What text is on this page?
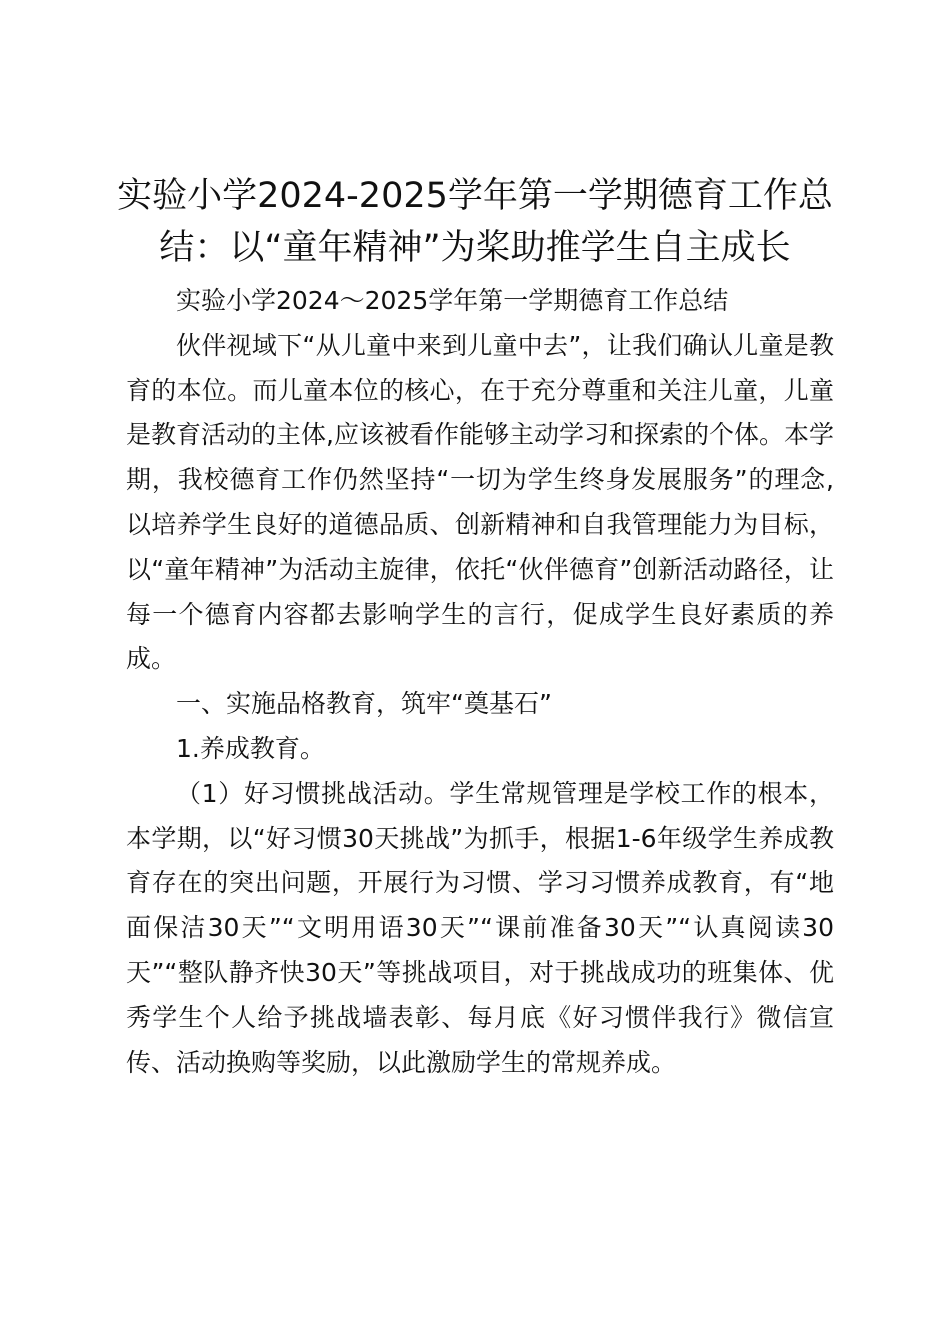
实验小学2024-2025学年第一学期德育工作总结：以“童年精神”为桨助推学生自主成长

实验小学2024～2025学年第一学期德育工作总结

伙伴视域下“从儿童中来到儿童中去”，让我们确认儿童是教育的本位。而儿童本位的核心，在于充分尊重和关注儿童，儿童是教育活动的主体,应该被看作能够主动学习和探索的个体。本学期，我校德育工作仍然坚持“一切为学生终身发展服务”的理念,以培养学生良好的道德品质、创新精神和自我管理能力为目标，以“童年精神”为活动主旋律，依托“伙伴德育”创新活动路径，让每一个德育内容都去影响学生的言行，促成学生良好素质的养成。

一、实施品格教育，筑牢“奠基石”

1.养成教育。

（1）好习惯挑战活动。学生常规管理是学校工作的根本，本学期，以“好习惯30天挑战”为抓手，根据1-6年级学生养成教育存在的突出问题，开展行为习惯、学习习惯养成教育，有“地面保洁30天”“文明用语30天”“课前准备30天”“认真阅读30天”“整队静齐快30天”等挑战项目，对于挑战成功的班集体、优秀学生个人给予挑战墙表彰、每月底《好习惯伴我行》微信宣传、活动换购等奖励，以此激励学生的常规养成。
